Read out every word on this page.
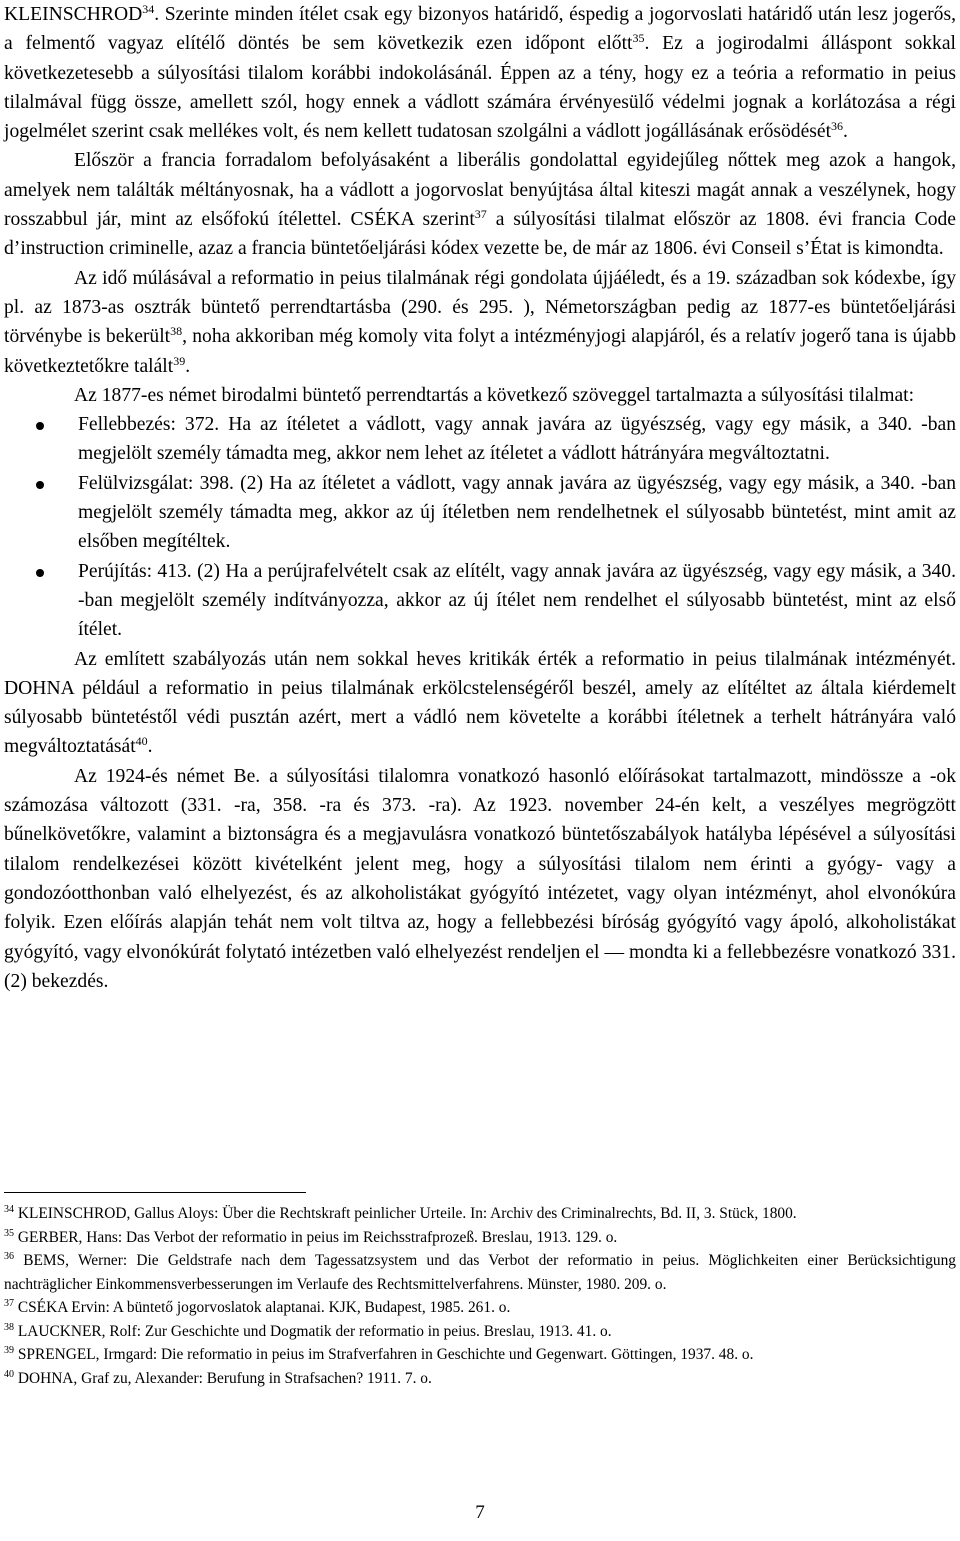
KLEINSCHROD$^{34}$. Szerinte minden ítélet csak egy bizonyos határidő, éspedig a jogorvoslati határidő után lesz jogerős, a felmentő vagyaz elítélő döntés be sem következik ezen időpont előtt$^{35}$. Ez a jogirodalmi álláspont sokkal következetesebb a súlyosítási tilalom korábbi indokolásánál. Éppen az a tény, hogy ez a teória a reformatio in peius tilalmával függ össze, amellett szól, hogy ennek a vádlott számára érvényesülő védelmi jognak a korlátozása a régi jogelmélet szerint csak mellékes volt, és nem kellett tudatosan szolgálni a vádlott jogállásának erősödését$^{36}$.

Először a francia forradalom befolyásaként a liberális gondolattal egyidejűleg nőttek meg azok a hangok, amelyek nem találták méltányosnak, ha a vádlott a jogorvoslat benyújtása által kiteszi magát annak a veszélynek, hogy rosszabbul jár, mint az elsőfokú ítélettel. CSÉKA szerint$^{37}$ a súlyosítási tilalmat először az 1808. évi francia Code d’instruction criminelle, azaz a francia büntetőeljárási kódex vezette be, de már az 1806. évi Conseil s’État is kimondta.

Az idő múlásával a reformatio in peius tilalmának régi gondolata újjáéledt, és a 19. században sok kódexbe, így pl. az 1873-as osztrák büntető perrendtartásba (290. és 295. ), Németországban pedig az 1877-es büntetőeljárási törvénybe is bekerült$^{38}$, noha akkoriban még komoly vita folyt a intézményjogi alapjáról, és a relatív jogerő tana is újabb következtetőkre talált$^{39}$.

Az 1877-es német birodalmi büntető perrendtartás a következő szöveggel tartalmazta a súlyosítási tilalmat:

Fellebbezés: 372. Ha az ítéletet a vádlott, vagy annak javára az ügyészség, vagy egy másik, a 340. -ban megjelölt személy támadta meg, akkor nem lehet az ítéletet a vádlott hátrányára megváltoztatni.
Felülvizsgálat: 398. (2) Ha az ítéletet a vádlott, vagy annak javára az ügyészség, vagy egy másik, a 340. -ban megjelölt személy támadta meg, akkor az új ítéletben nem rendelhetnek el súlyosabb büntetést, mint amit az elsőben megítéltek.
Perújítás: 413. (2) Ha a perújrafelvételt csak az elítélt, vagy annak javára az ügyészség, vagy egy másik, a 340. -ban megjelölt személy indítványozza, akkor az új ítélet nem rendelhet el súlyosabb büntetést, mint az első ítélet.

Az említett szabályozás után nem sokkal heves kritikák érték a reformatio in peius tilalmának intézményét. DOHNA például a reformatio in peius tilalmának erkölcstelenségéről beszél, amely az elítéltet az általa kiérdemelt súlyosabb büntetéstől védi pusztán azért, mert a vádló nem követelte a korábbi ítéletnek a terhelt hátrányára való megváltoztatását$^{40}$.

Az 1924-és német Be. a súlyosítási tilalomra vonatkozó hasonló előírásokat tartalmazott, mindössze a -ok számozása változott (331. -ra, 358. -ra és 373. -ra). Az 1923. november 24-én kelt, a veszélyes megrögzött bűnelkövetőkre, valamint a biztonságra és a megjavulásra vonatkozó büntetőszabályok hatályba lépésével a súlyosítási tilalom rendelkezései között kivételként jelent meg, hogy a súlyosítási tilalom nem érinti a gyógy- vagy a gondozóotthonban való elhelyezést, és az alkoholistákat gyógyító intézetet, vagy olyan intézményt, ahol elvonókúra folyik. Ezen előírás alapján tehát nem volt tiltva az, hogy a fellebbezési bíróság gyógyító vagy ápoló, alkoholistákat gyógyító, vagy elvonókúrát folytató intézetben való elhelyezést rendeljen el — mondta ki a fellebbezésre vonatkozó 331. (2) bekezdés.

$^{34}$ KLEINSCHROD, Gallus Aloys: Über die Rechtskraft peinlicher Urteile. In: Archiv des Criminalrechts, Bd. II, 3. Stück, 1800.

$^{35}$ GERBER, Hans: Das Verbot der reformatio in peius im Reichsstrafprozeß. Breslau, 1913. 129. o.

$^{36}$ BEMS, Werner: Die Geldstrafe nach dem Tagessatzsystem und das Verbot der reformatio in peius. Möglichkeiten einer Berücksichtigung nachträglicher Einkommensverbesserungen im Verlaufe des Rechtsmittelverfahrens. Münster, 1980. 209. o.

$^{37}$ CSÉKA Ervin: A büntető jogorvoslatok alaptanai. KJK, Budapest, 1985. 261. o.

$^{38}$ LAUCKNER, Rolf: Zur Geschichte und Dogmatik der reformatio in peius. Breslau, 1913. 41. o.

$^{39}$ SPRENGEL, Irmgard: Die reformatio in peius im Strafverfahren in Geschichte und Gegenwart. Göttingen, 1937. 48. o.

$^{40}$ DOHNA, Graf zu, Alexander: Berufung in Strafsachen? 1911. 7. o.

7
